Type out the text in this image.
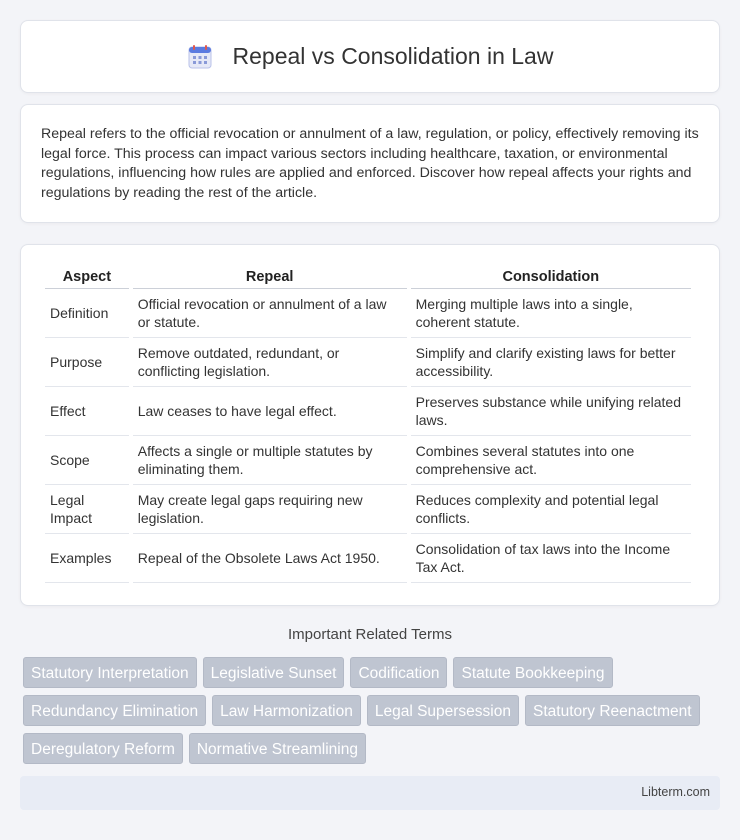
Repeal vs Consolidation in Law

Repeal refers to the official revocation or annulment of a law, regulation, or policy, effectively removing its legal force. This process can impact various sectors including healthcare, taxation, or environmental regulations, influencing how rules are applied and enforced. Discover how repeal affects your rights and regulations by reading the rest of the article.

Aspect	Repeal	Consolidation
Definition	Official revocation or annulment of a law or statute.	Merging multiple laws into a single, coherent statute.
Purpose	Remove outdated, redundant, or conflicting legislation.	Simplify and clarify existing laws for better accessibility.
Effect	Law ceases to have legal effect.	Preserves substance while unifying related laws.
Scope	Affects a single or multiple statutes by eliminating them.	Combines several statutes into one comprehensive act.
Legal Impact	May create legal gaps requiring new legislation.	Reduces complexity and potential legal conflicts.
Examples	Repeal of the Obsolete Laws Act 1950.	Consolidation of tax laws into the Income Tax Act.
Important Related Terms
Statutory Interpretation	Legislative Sunset	Codification	Statute Bookkeeping
Redundancy Elimination	Law Harmonization	Legal Supersession	Statutory Reenactment
Deregulatory Reform	Normative Streamlining
Libterm.com
